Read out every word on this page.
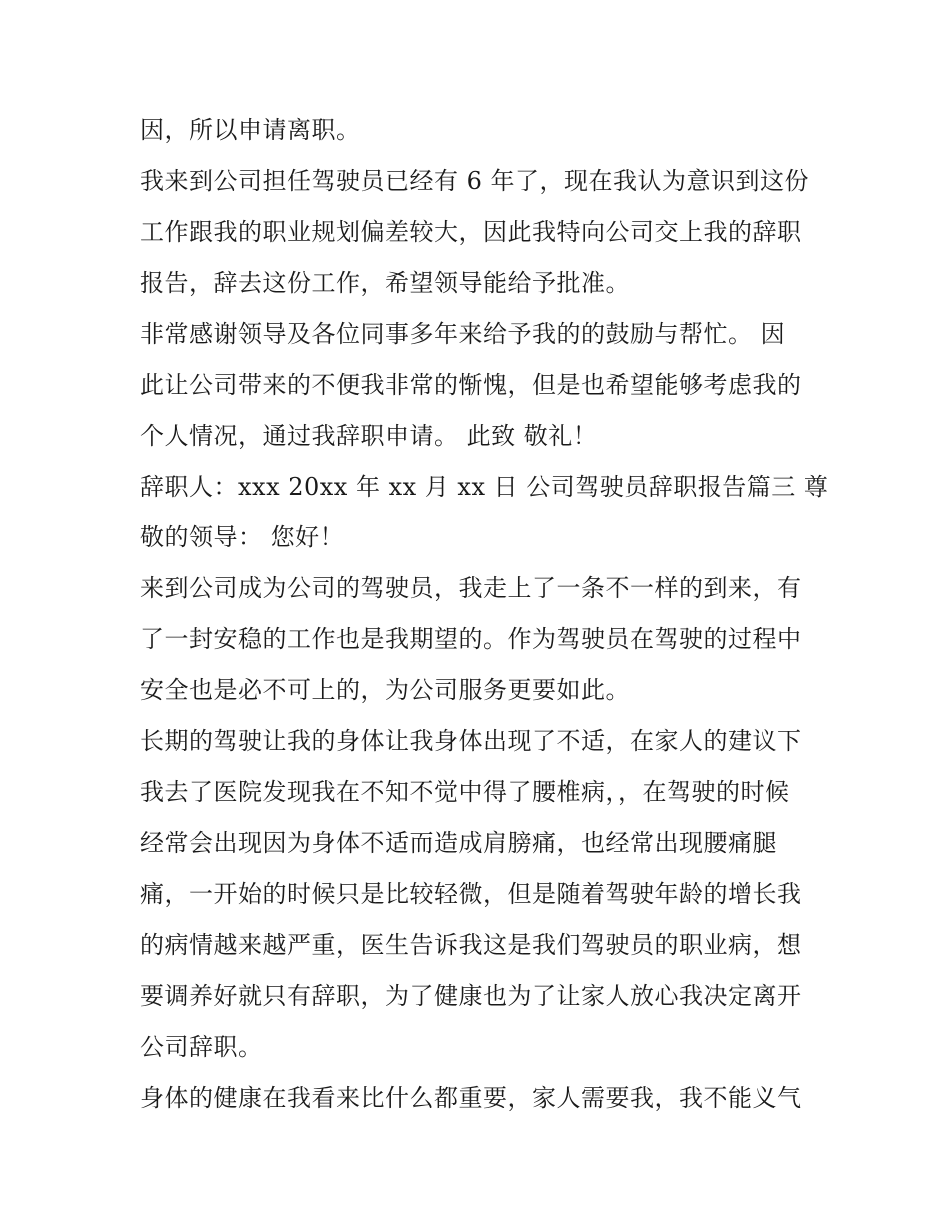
因，所以申请离职。
我来到公司担任驾驶员已经有 6 年了，现在我认为意识到这份
工作跟我的职业规划偏差较大，因此我特向公司交上我的辞职
报告，辞去这份工作，希望领导能给予批准。
非常感谢领导及各位同事多年来给予我的的鼓励与帮忙。 因
此让公司带来的不便我非常的惭愧，但是也希望能够考虑我的
个人情况，通过我辞职申请。 此致 敬礼！
辞职人：xxx 20xx 年 xx 月 xx 日 公司驾驶员辞职报告篇三 尊
敬的领导： 您好！
来到公司成为公司的驾驶员，我走上了一条不一样的到来，有
了一封安稳的工作也是我期望的。作为驾驶员在驾驶的过程中
安全也是必不可上的，为公司服务更要如此。
长期的驾驶让我的身体让我身体出现了不适，在家人的建议下
我去了医院发现我在不知不觉中得了腰椎病，，在驾驶的时候
经常会出现因为身体不适而造成肩膀痛，也经常出现腰痛腿
痛，一开始的时候只是比较轻微，但是随着驾驶年龄的增长我
的病情越来越严重，医生告诉我这是我们驾驶员的职业病，想
要调养好就只有辞职，为了健康也为了让家人放心我决定离开
公司辞职。
身体的健康在我看来比什么都重要，家人需要我，我不能义气
